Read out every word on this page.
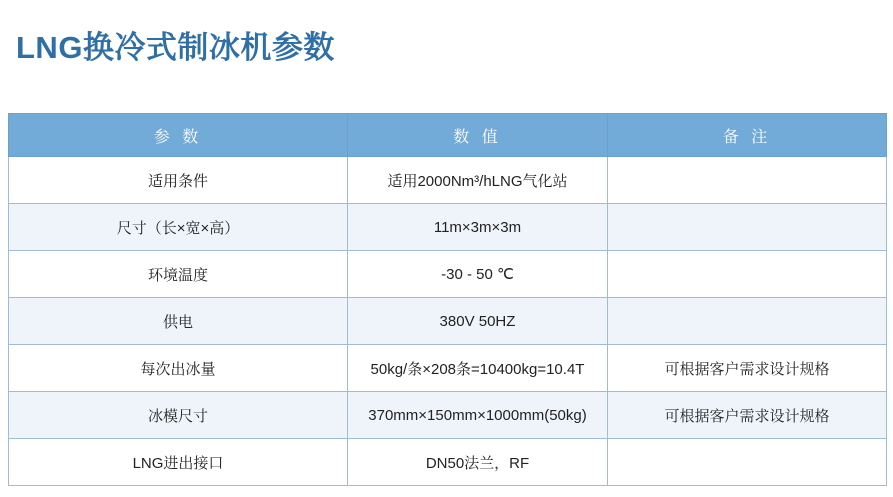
LNG换冷式制冰机参数
参 数	数 值	备 注
适用条件	适用2000Nm³/hLNG气化站	
尺寸（长×宽×高）	11m×3m×3m	
环境温度	-30 - 50 ℃	
供电	380V 50HZ	
每次出冰量	50kg/条×208条=10400kg=10.4T	可根据客户需求设计规格
冰模尺寸	370mm×150mm×1000mm(50kg)	可根据客户需求设计规格
LNG进出接口	DN50法兰，RF	
